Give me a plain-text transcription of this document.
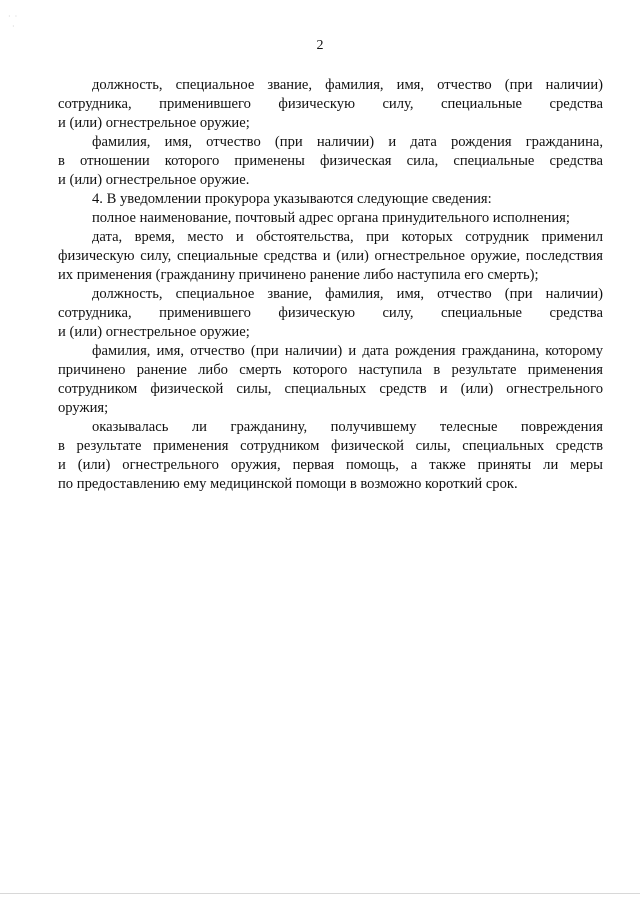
·  ·
·
2
должность, специальное звание, фамилия, имя, отчество (при наличии)
сотрудника, применившего физическую силу, специальные средства
и (или) огнестрельное оружие;
фамилия, имя, отчество (при наличии) и дата рождения гражданина,
в отношении которого применены физическая сила, специальные средства
и (или) огнестрельное оружие.
4. В уведомлении прокурора указываются следующие сведения:
полное наименование, почтовый адрес органа принудительного исполнения;
дата, время, место и обстоятельства, при которых сотрудник применил
физическую силу, специальные средства и (или) огнестрельное оружие, последствия
их применения (гражданину причинено ранение либо наступила его смерть);
должность, специальное звание, фамилия, имя, отчество (при наличии)
сотрудника, применившего физическую силу, специальные средства
и (или) огнестрельное оружие;
фамилия, имя, отчество (при наличии) и дата рождения гражданина, которому
причинено ранение либо смерть которого наступила в результате применения
сотрудником физической силы, специальных средств и (или) огнестрельного
оружия;
оказывалась ли гражданину, получившему телесные повреждения
в результате применения сотрудником физической силы, специальных средств
и (или) огнестрельного оружия, первая помощь, а также приняты ли меры
по предоставлению ему медицинской помощи в возможно короткий срок.
